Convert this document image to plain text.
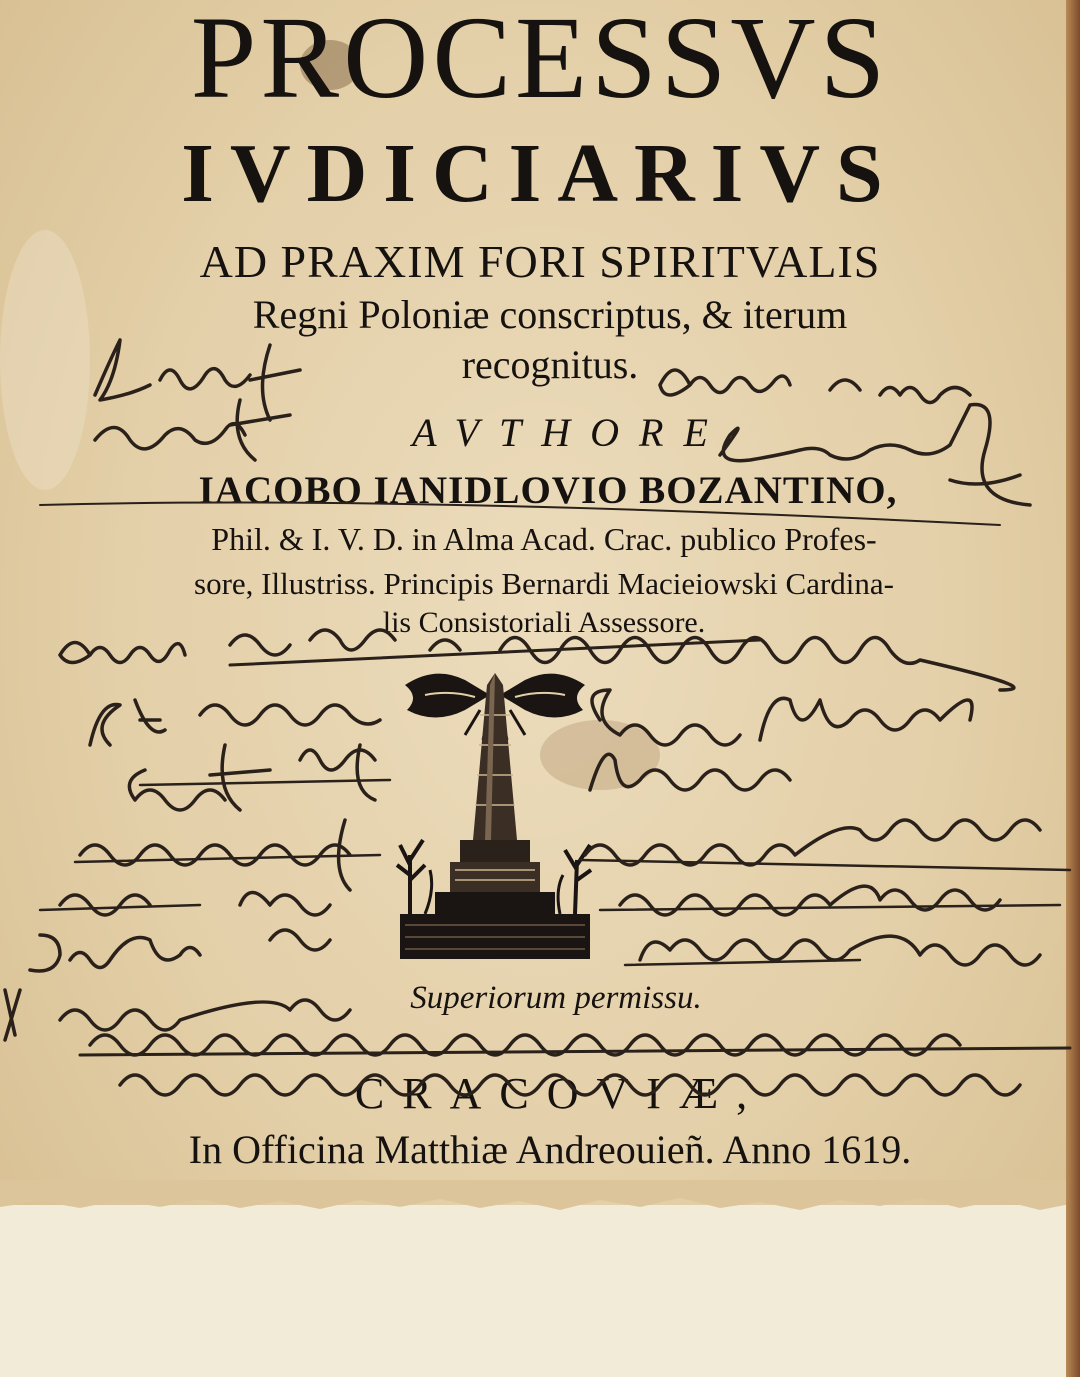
PROCESSVS

IVDICIARIVS

AD PRAXIM FORI SPIRITVALIS

Regni Poloniæ conscriptus, & iterum

recognitus.

AVTHORE

IACOBO IANIDLOVIO BOZANTINO,

Phil. & I. V. D. in Alma Acad. Crac. publico Profes-

sore, Illustriss. Principis Bernardi Macieiowski Cardina-

lis Consistoriali Assessore.

Superiorum permissu.

CRACOVIÆ,

In Officina Matthiæ Andreouieñ. Anno 1619.
